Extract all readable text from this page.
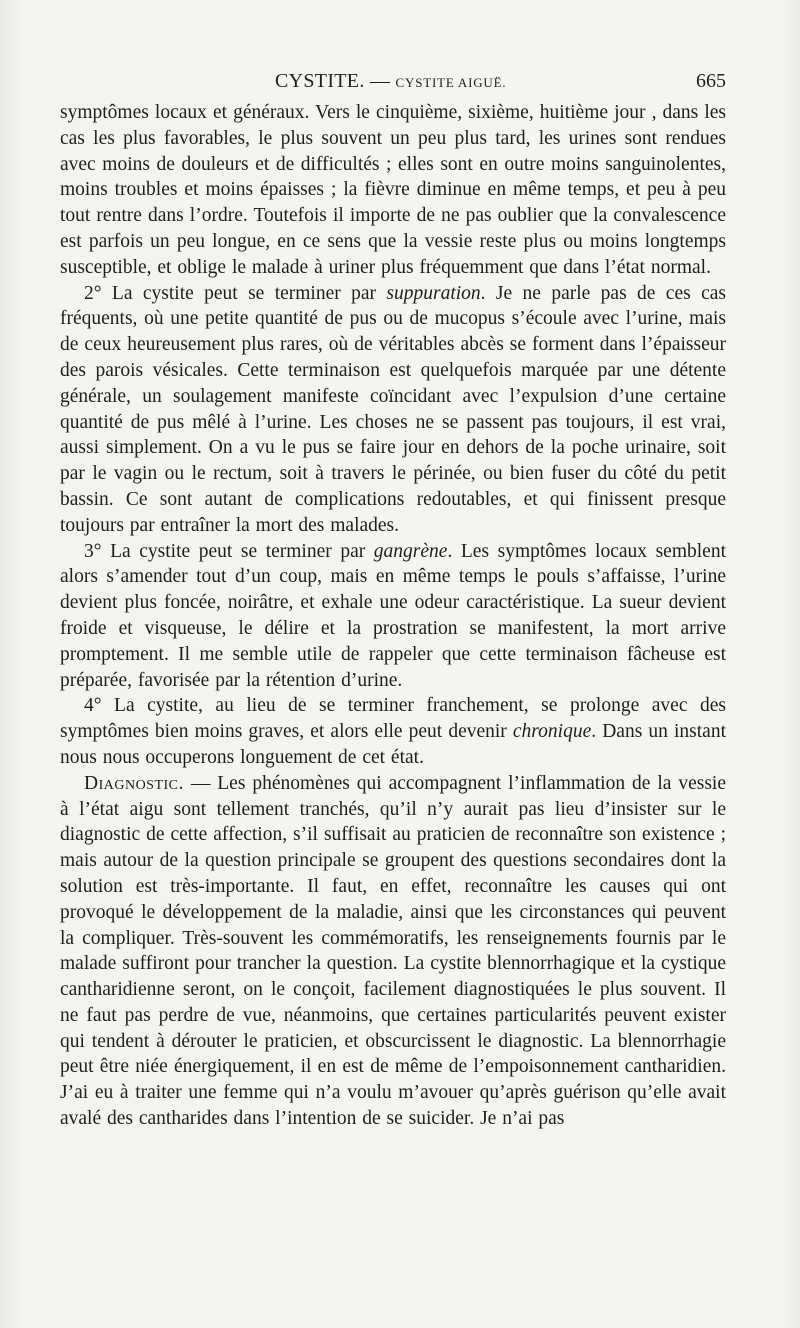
CYSTITE. — CYSTITE AIGUË.	665

symptômes locaux et généraux. Vers le cinquième, sixième, huitième jour , dans les cas les plus favorables, le plus souvent un peu plus tard, les urines sont rendues avec moins de douleurs et de difficultés ; elles sont en outre moins sanguinolentes, moins troubles et moins épaisses ; la fièvre diminue en même temps, et peu à peu tout rentre dans l’ordre. Toutefois il importe de ne pas oublier que la convalescence est parfois un peu longue, en ce sens que la vessie reste plus ou moins longtemps susceptible, et oblige le malade à uriner plus fréquemment que dans l’état normal.

2° La cystite peut se terminer par suppuration. Je ne parle pas de ces cas fréquents, où une petite quantité de pus ou de mucopus s’écoule avec l’urine, mais de ceux heureusement plus rares, où de véritables abcès se forment dans l’épaisseur des parois vésicales. Cette terminaison est quelquefois marquée par une détente générale, un soulagement manifeste coïncidant avec l’expulsion d’une certaine quantité de pus mêlé à l’urine. Les choses ne se passent pas toujours, il est vrai, aussi simplement. On a vu le pus se faire jour en dehors de la poche urinaire, soit par le vagin ou le rectum, soit à travers le périnée, ou bien fuser du côté du petit bassin. Ce sont autant de complications redoutables, et qui finissent presque toujours par entraîner la mort des malades.

3° La cystite peut se terminer par gangrène. Les symptômes locaux semblent alors s’amender tout d’un coup, mais en même temps le pouls s’affaisse, l’urine devient plus foncée, noirâtre, et exhale une odeur caractéristique. La sueur devient froide et visqueuse, le délire et la prostration se manifestent, la mort arrive promptement. Il me semble utile de rappeler que cette terminaison fâcheuse est préparée, favorisée par la rétention d’urine.

4° La cystite, au lieu de se terminer franchement, se prolonge avec des symptômes bien moins graves, et alors elle peut devenir chronique. Dans un instant nous nous occuperons longuement de cet état.

Diagnostic. — Les phénomènes qui accompagnent l’inflammation de la vessie à l’état aigu sont tellement tranchés, qu’il n’y aurait pas lieu d’insister sur le diagnostic de cette affection, s’il suffisait au praticien de reconnaître son existence ; mais autour de la question principale se groupent des questions secondaires dont la solution est très-importante. Il faut, en effet, reconnaître les causes qui ont provoqué le développement de la maladie, ainsi que les circonstances qui peuvent la compliquer. Très-souvent les commémoratifs, les renseignements fournis par le malade suffiront pour trancher la question. La cystite blennorrhagique et la cystique cantharidienne seront, on le conçoit, facilement diagnostiquées le plus souvent. Il ne faut pas perdre de vue, néanmoins, que certaines particularités peuvent exister qui tendent à dérouter le praticien, et obscurcissent le diagnostic. La blennorrhagie peut être niée énergiquement, il en est de même de l’empoisonnement cantharidien. J’ai eu à traiter une femme qui n’a voulu m’avouer qu’après guérison qu’elle avait avalé des cantharides dans l’intention de se suicider. Je n’ai pas
